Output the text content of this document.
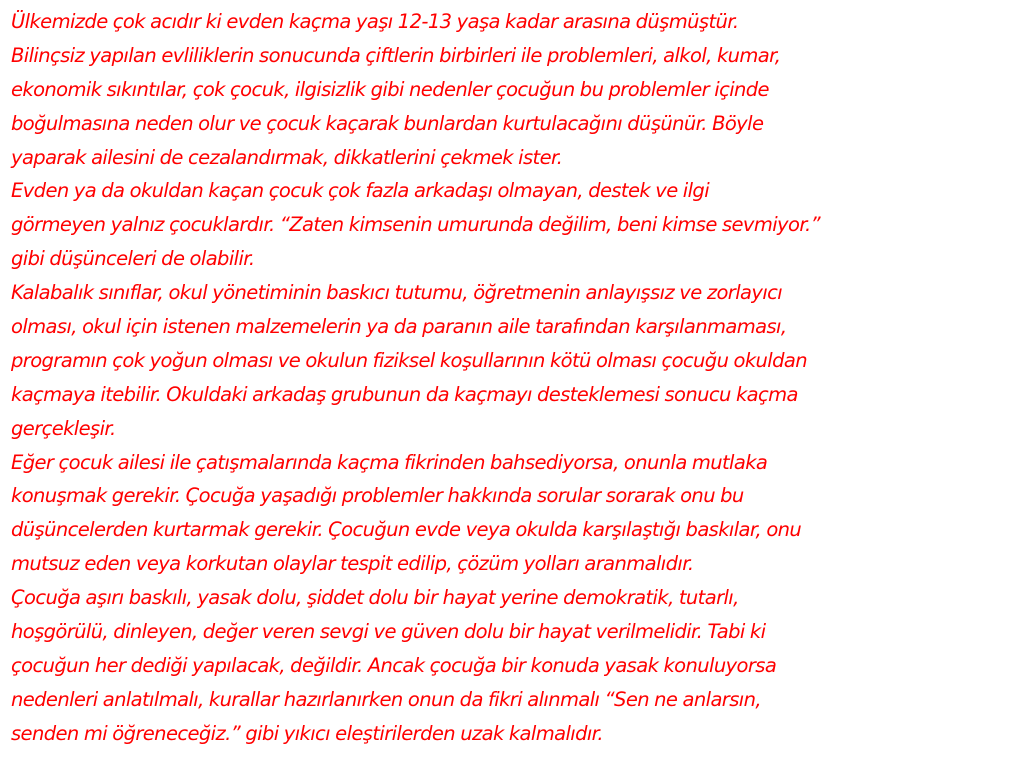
Ülkemizde çok acıdır ki evden kaçma yaşı 12-13 yaşa kadar arasına düşmüştür.
Bilinçsiz yapılan evliliklerin sonucunda çiftlerin birbirleri ile problemleri, alkol, kumar,
ekonomik sıkıntılar, çok çocuk, ilgisizlik gibi nedenler çocuğun bu problemler içinde
boğulmasına neden olur ve çocuk kaçarak bunlardan kurtulacağını düşünür. Böyle
yaparak ailesini de cezalandırmak, dikkatlerini çekmek ister.
Evden ya da okuldan kaçan çocuk çok fazla arkadaşı olmayan, destek ve ilgi
görmeyen yalnız çocuklardır. “Zaten kimsenin umurunda değilim, beni kimse sevmiyor.”
gibi düşünceleri de olabilir.
Kalabalık sınıflar, okul yönetiminin baskıcı tutumu, öğretmenin anlayışsız ve zorlayıcı
olması, okul için istenen malzemelerin ya da paranın aile tarafından karşılanmaması,
programın çok yoğun olması ve okulun fiziksel koşullarının kötü olması çocuğu okuldan
kaçmaya itebilir. Okuldaki arkadaş grubunun da kaçmayı desteklemesi sonucu kaçma
gerçekleşir.
Eğer çocuk ailesi ile çatışmalarında kaçma fikrinden bahsediyorsa, onunla mutlaka
konuşmak gerekir. Çocuğa yaşadığı problemler hakkında sorular sorarak onu bu
düşüncelerden kurtarmak gerekir. Çocuğun evde veya okulda karşılaştığı baskılar, onu
mutsuz eden veya korkutan olaylar tespit edilip, çözüm yolları aranmalıdır.
Çocuğa aşırı baskılı, yasak dolu, şiddet dolu bir hayat yerine demokratik, tutarlı,
hoşgörülü, dinleyen, değer veren sevgi ve güven dolu bir hayat verilmelidir. Tabi ki
çocuğun her dediği yapılacak, değildir. Ancak çocuğa bir konuda yasak konuluyorsa
nedenleri anlatılmalı, kurallar hazırlanırken onun da fikri alınmalı “Sen ne anlarsın,
senden mi öğreneceğiz.” gibi yıkıcı eleştirilerden uzak kalmalıdır.
